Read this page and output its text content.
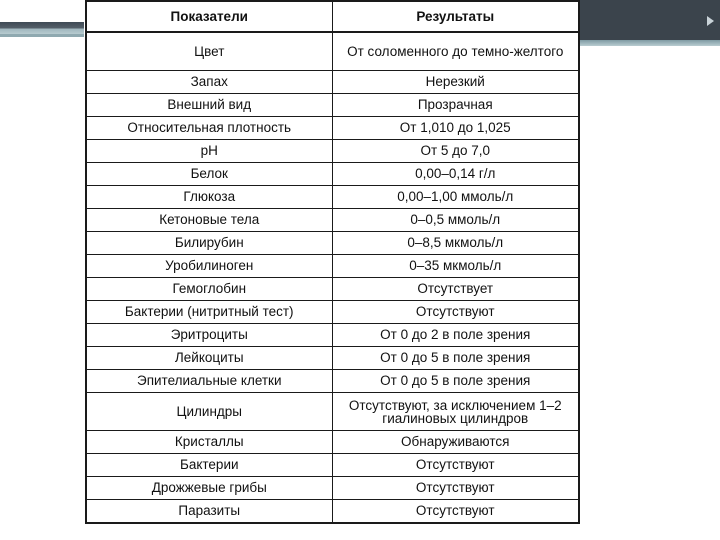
Показатели	Результаты
Цвет	От соломенного до темно-желтого
Запах	Нерезкий
Внешний вид	Прозрачная
Относительная плотность	От 1,010 до 1,025
pH	От 5 до 7,0
Белок	0,00–0,14 г/л
Глюкоза	0,00–1,00 ммоль/л
Кетоновые тела	0–0,5 ммоль/л
Билирубин	0–8,5 мкмоль/л
Уробилиноген	0–35 мкмоль/л
Гемоглобин	Отсутствует
Бактерии (нитритный тест)	Отсутствуют
Эритроциты	От 0 до 2 в поле зрения
Лейкоциты	От 0 до 5 в поле зрения
Эпителиальные клетки	От 0 до 5 в поле зрения
Цилиндры	Отсутствуют, за исключением 1–2 гиалиновых цилиндров
Кристаллы	Обнаруживаются
Бактерии	Отсутствуют
Дрожжевые грибы	Отсутствуют
Паразиты	Отсутствуют
